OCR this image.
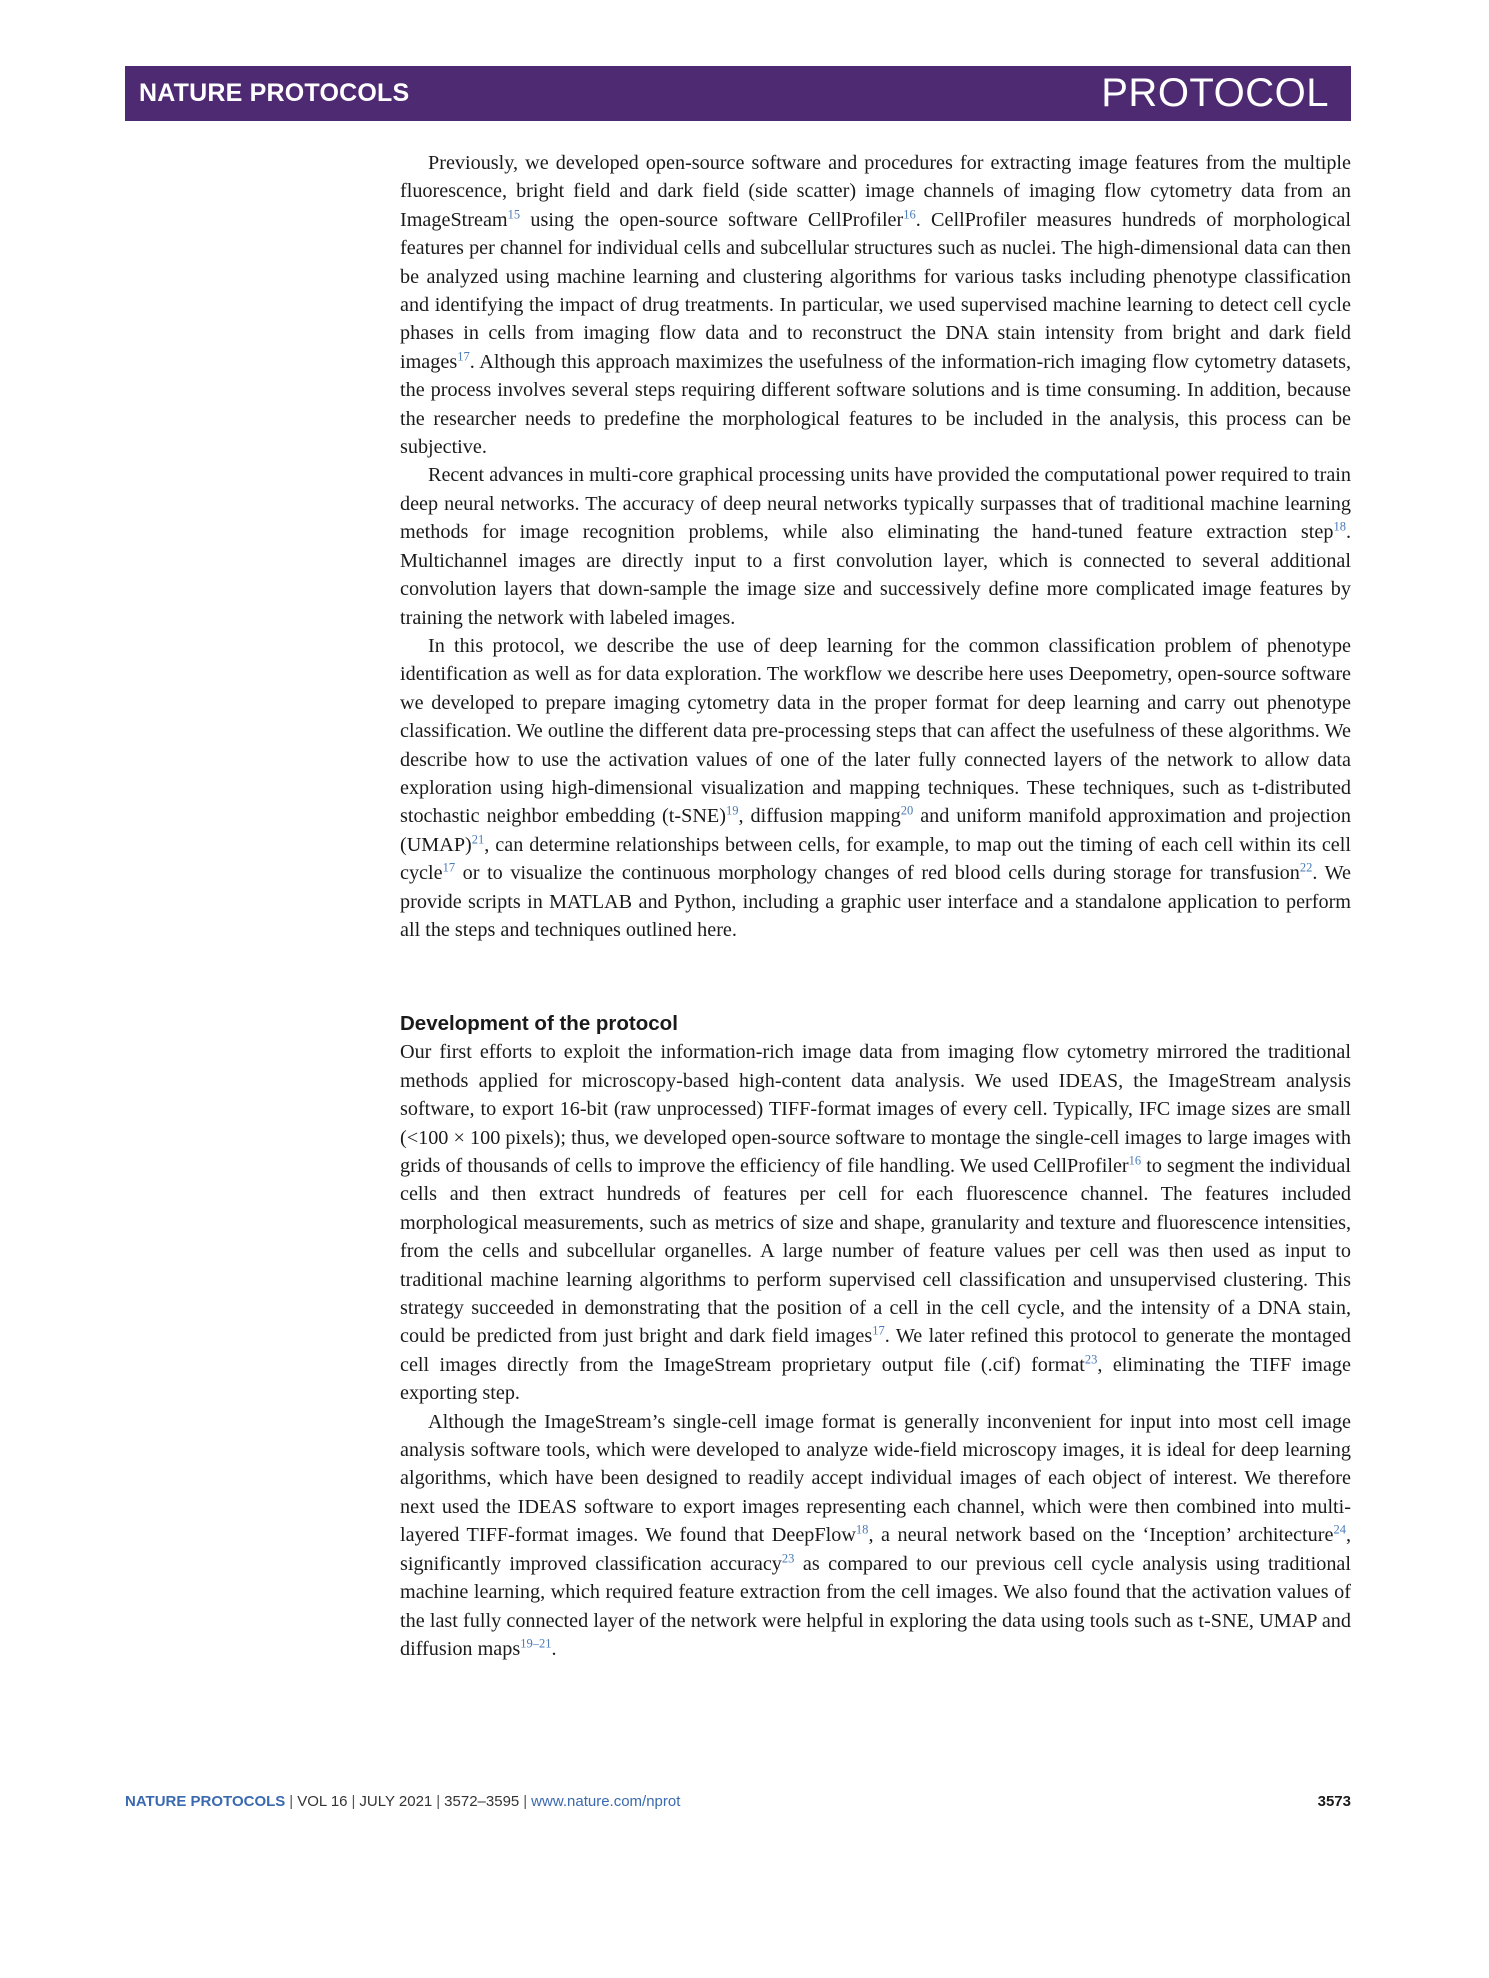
NATURE PROTOCOLS	PROTOCOL

Previously, we developed open-source software and procedures for extracting image features from the multiple fluorescence, bright field and dark field (side scatter) image channels of imaging flow cytometry data from an ImageStream$^{15}$ using the open-source software CellProfiler$^{16}$. CellProfiler measures hundreds of morphological features per channel for individual cells and subcellular structures such as nuclei. The high-dimensional data can then be analyzed using machine learning and clustering algorithms for various tasks including phenotype classification and identifying the impact of drug treatments. In particular, we used supervised machine learning to detect cell cycle phases in cells from imaging flow data and to reconstruct the DNA stain intensity from bright and dark field images$^{17}$. Although this approach maximizes the usefulness of the information-rich imaging flow cytometry datasets, the process involves several steps requiring different software solutions and is time consuming. In addition, because the researcher needs to predefine the morphological features to be included in the analysis, this process can be subjective.

Recent advances in multi-core graphical processing units have provided the computational power required to train deep neural networks. The accuracy of deep neural networks typically surpasses that of traditional machine learning methods for image recognition problems, while also eliminating the hand-tuned feature extraction step$^{18}$. Multichannel images are directly input to a first convolution layer, which is connected to several additional convolution layers that down-sample the image size and successively define more complicated image features by training the network with labeled images.

In this protocol, we describe the use of deep learning for the common classification problem of phenotype identification as well as for data exploration. The workflow we describe here uses Deepometry, open-source software we developed to prepare imaging cytometry data in the proper format for deep learning and carry out phenotype classification. We outline the different data pre-processing steps that can affect the usefulness of these algorithms. We describe how to use the activation values of one of the later fully connected layers of the network to allow data exploration using high-dimensional visualization and mapping techniques. These techniques, such as t-distributed stochastic neighbor embedding (t-SNE)$^{19}$, diffusion mapping$^{20}$ and uniform manifold approximation and projection (UMAP)$^{21}$, can determine relationships between cells, for example, to map out the timing of each cell within its cell cycle$^{17}$ or to visualize the continuous morphology changes of red blood cells during storage for transfusion$^{22}$. We provide scripts in MATLAB and Python, including a graphic user interface and a standalone application to perform all the steps and techniques outlined here.

Development of the protocol

Our first efforts to exploit the information-rich image data from imaging flow cytometry mirrored the traditional methods applied for microscopy-based high-content data analysis. We used IDEAS, the ImageStream analysis software, to export 16-bit (raw unprocessed) TIFF-format images of every cell. Typically, IFC image sizes are small (<100 × 100 pixels); thus, we developed open-source software to montage the single-cell images to large images with grids of thousands of cells to improve the efficiency of file handling. We used CellProfiler$^{16}$ to segment the individual cells and then extract hundreds of features per cell for each fluorescence channel. The features included morphological measurements, such as metrics of size and shape, granularity and texture and fluorescence intensities, from the cells and subcellular organelles. A large number of feature values per cell was then used as input to traditional machine learning algorithms to perform supervised cell classification and unsupervised clustering. This strategy succeeded in demonstrating that the position of a cell in the cell cycle, and the intensity of a DNA stain, could be predicted from just bright and dark field images$^{17}$. We later refined this protocol to generate the montaged cell images directly from the ImageStream proprietary output file (.cif) format$^{23}$, eliminating the TIFF image exporting step.

Although the ImageStream’s single-cell image format is generally inconvenient for input into most cell image analysis software tools, which were developed to analyze wide-field microscopy images, it is ideal for deep learning algorithms, which have been designed to readily accept individual images of each object of interest. We therefore next used the IDEAS software to export images representing each channel, which were then combined into multi-layered TIFF-format images. We found that DeepFlow$^{18}$, a neural network based on the ‘Inception’ architecture$^{24}$, significantly improved classification accuracy$^{23}$ as compared to our previous cell cycle analysis using traditional machine learning, which required feature extraction from the cell images. We also found that the activation values of the last fully connected layer of the network were helpful in exploring the data using tools such as t-SNE, UMAP and diffusion maps$^{19-21}$.

NATURE PROTOCOLS | VOL 16 | JULY 2021 | 3572–3595 | www.nature.com/nprot	3573
